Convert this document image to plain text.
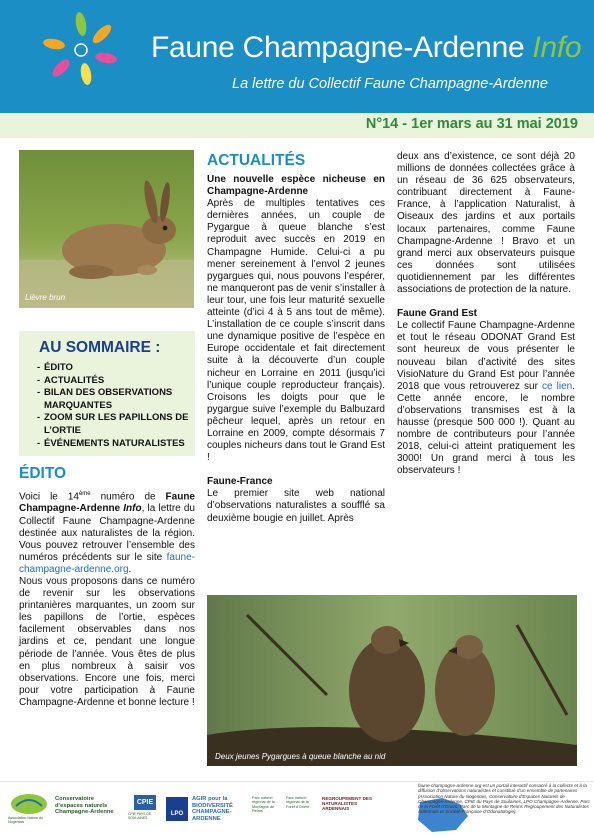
Faune Champagne-Ardenne Info
La lettre du Collectif Faune Champagne-Ardenne
N°14 - 1er mars au 31 mai 2019
Lièvre brun
AU SOMMAIRE :
- ÉDITO
- ACTUALITÉS
- BILAN DES OBSERVATIONS MARQUANTES
- ZOOM SUR LES PAPILLONS DE L’ORTIE
- ÉVÉNEMENTS NATURALISTES
ÉDITO

Voici le 14ème numéro de Faune Champagne-Ardenne Info, la lettre du Collectif Faune Champagne-Ardenne destinée aux naturalistes de la région. Vous pouvez retrouver l’ensemble des numéros précédents sur le site faune-champagne-ardenne.org.

Nous vous proposons dans ce numéro de revenir sur les observations printanières marquantes, un zoom sur les papillons de l’ortie, espèces facilement observables dans nos jardins et ce, pendant une longue période de l’année. Vous êtes de plus en plus nombreux à saisir vos observations. Encore une fois, merci pour votre participation à Faune Champagne-Ardenne et bonne lecture !

ACTUALITÉS
Une nouvelle espèce nicheuse en Champagne-Ardenne

Après de multiples tentatives ces dernières années, un couple de Pygargue à queue blanche s’est reproduit avec succès en 2019 en Champagne Humide. Celui-ci a pu mener sereinement à l’envol 2 jeunes pygargues qui, nous pouvons l’espérer, ne manqueront pas de venir s’installer à leur tour, une fois leur maturité sexuelle atteinte (d’ici 4 à 5 ans tout de même). L’installation de ce couple s’inscrit dans une dynamique positive de l’espèce en Europe occidentale et fait directement suite à la découverte d’un couple nicheur en Lorraine en 2011 (jusqu’ici l’unique couple reproducteur français). Croisons les doigts pour que le pygargue suive l’exemple du Balbuzard pêcheur lequel, après un retour en Lorraine en 2009, compte désormais 7 couples nicheurs dans tout le Grand Est !

Faune-France

Le premier site web national d’observations naturalistes a soufflé sa deuxième bougie en juillet. Après

deux ans d’existence, ce sont déjà 20 millions de données collectées grâce à un réseau de 36 625 observateurs, contribuant directement à Faune-France, à l’application Naturalist, à Oiseaux des jardins et aux portails locaux partenaires, comme Faune Champagne-Ardenne ! Bravo et un grand merci aux observateurs puisque ces données sont utilisées quotidiennement par les différentes associations de protection de la nature.

Faune Grand Est

Le collectif Faune Champagne-Ardenne et tout le réseau ODONAT Grand Est sont heureux de vous présenter le nouveau bilan d’activité des sites VisioNature du Grand Est pour l’année 2018 que vous retrouverez sur ce lien. Cette année encore, le nombre d’observations transmises est à la hausse (presque 500 000 !). Quant au nombre de contributeurs pour l’année 2018, celui-ci atteint pratiquement les 3000! Un grand merci à tous les observateurs !

Deux jeunes Pygargues à queue blanche au nid
Association Nature du Nogentais
Conservatoire d’espaces naturels Champagne-Ardenne
CPIE
CPIE PAYS DE SOULAINES
LPO
AGIR pour la BIODIVERSITÉ CHAMPAGNE-ARDENNE
Parc naturel régional de la Montagne de Reims
Parc naturel régional de la Forêt d’Orient
REGROUPEMENT DES NATURALISTES ARDENNAIS
faune-champagne-ardenne.org est un portail interactif consacré à la collecte et à la diffusion d’observations naturalistes et constitué d’un ensemble de partenaires (Association Nature du Nogentais, Conservatoire d’Espaces Naturels de Champagne-Ardenne, CPIE du Pays de Soulaines, LPO Champagne-Ardenne, Parc de la Forêt d’Orient, Parc de la Montagne de Reims Regroupement des Naturalistes Ardennais et Société Française d’Odonatologie).
